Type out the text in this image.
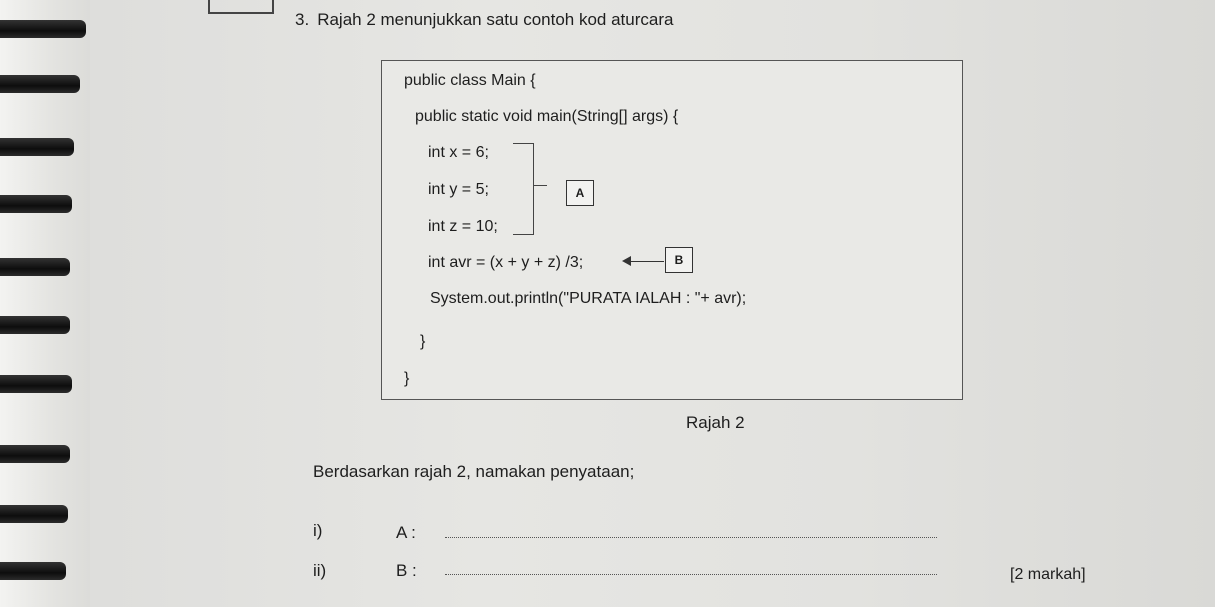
3. Rajah 2 menunjukkan satu contoh kod aturcara
public class Main {
public static void main(String[] args) {
int x = 6;
int y = 5;
int z = 10;
int avr = (x + y + z) /3;
System.out.println("PURATA IALAH : "+ avr);
}
}
A
B
Rajah 2
Berdasarkan rajah 2, namakan penyataan;
i)	A :
ii)	B :	[2 markah]
